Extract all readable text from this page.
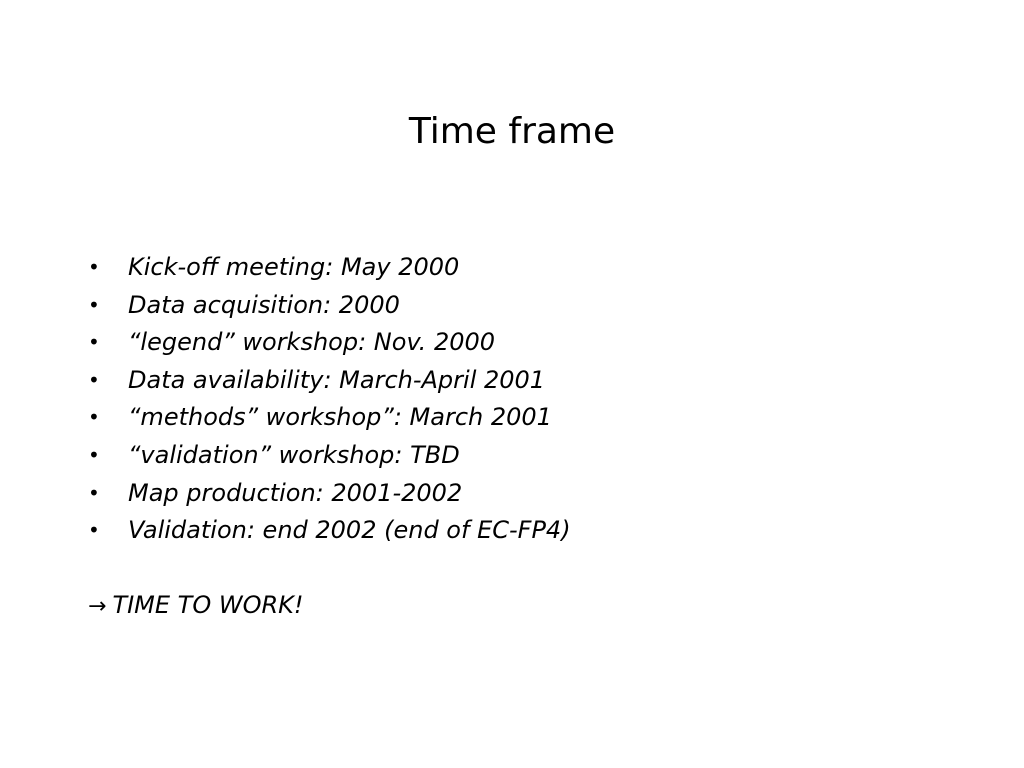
Time frame
• Kick-off meeting: May 2000
• Data acquisition: 2000
• “legend” workshop: Nov. 2000
• Data availability: March-April 2001
• “methods” workshop”: March 2001
• “validation” workshop: TBD
• Map production: 2001-2002
• Validation: end 2002 (end of EC-FP4)
→ TIME TO WORK!
